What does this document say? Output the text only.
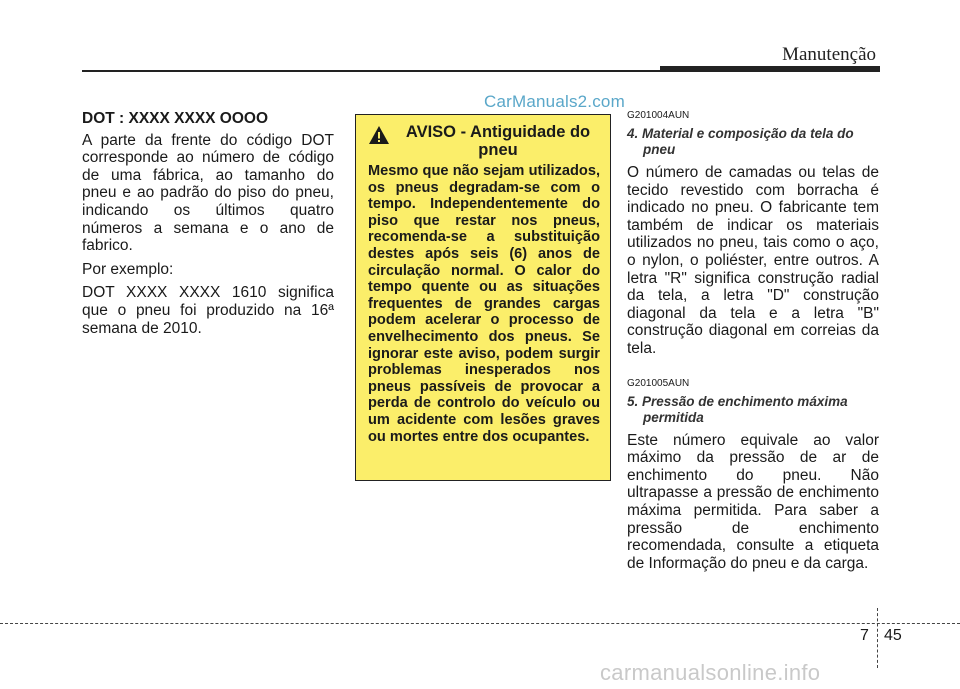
Manutenção
CarManuals2.com

DOT : XXXX XXXX OOOO

A parte da frente do código DOT corresponde ao número de código de uma fábrica, ao tamanho do pneu e ao padrão do piso do pneu, indicando os últimos quatro números a semana e o ano de fabrico.

Por exemplo:

DOT XXXX XXXX 1610 significa que o pneu foi produzido na 16ª semana de 2010.

AVISO - Antiguidade do pneu
Mesmo que não sejam utilizados, os pneus degradam-se com o tempo. Independentemente do piso que restar nos pneus, recomenda-se a substituição destes após seis (6) anos de circulação normal. O calor do tempo quente ou as situações frequentes de grandes cargas podem acelerar o processo de envelhecimento dos pneus. Se ignorar este aviso, podem surgir problemas inesperados nos pneus passíveis de provocar a perda de controlo do veículo ou um acidente com lesões graves ou mortes entre dos ocupantes.

G201004AUN

4. Material e composição da tela do
pneu

O número de camadas ou telas de tecido revestido com borracha é indicado no pneu. O fabricante tem também de indicar os materiais utilizados no pneu, tais como o aço, o nylon, o poliéster, entre outros. A letra "R" significa construção radial da tela, a letra "D" construção diagonal da tela e a letra "B" construção diagonal em correias da tela.

G201005AUN

5. Pressão de enchimento máxima
permitida

Este número equivale ao valor máximo da pressão de ar de enchimento do pneu. Não ultrapasse a pressão de enchimento máxima permitida. Para saber a pressão de enchimento recomendada, consulte a etiqueta de Informação do pneu e da carga.

7 45
carmanualsonline.info
